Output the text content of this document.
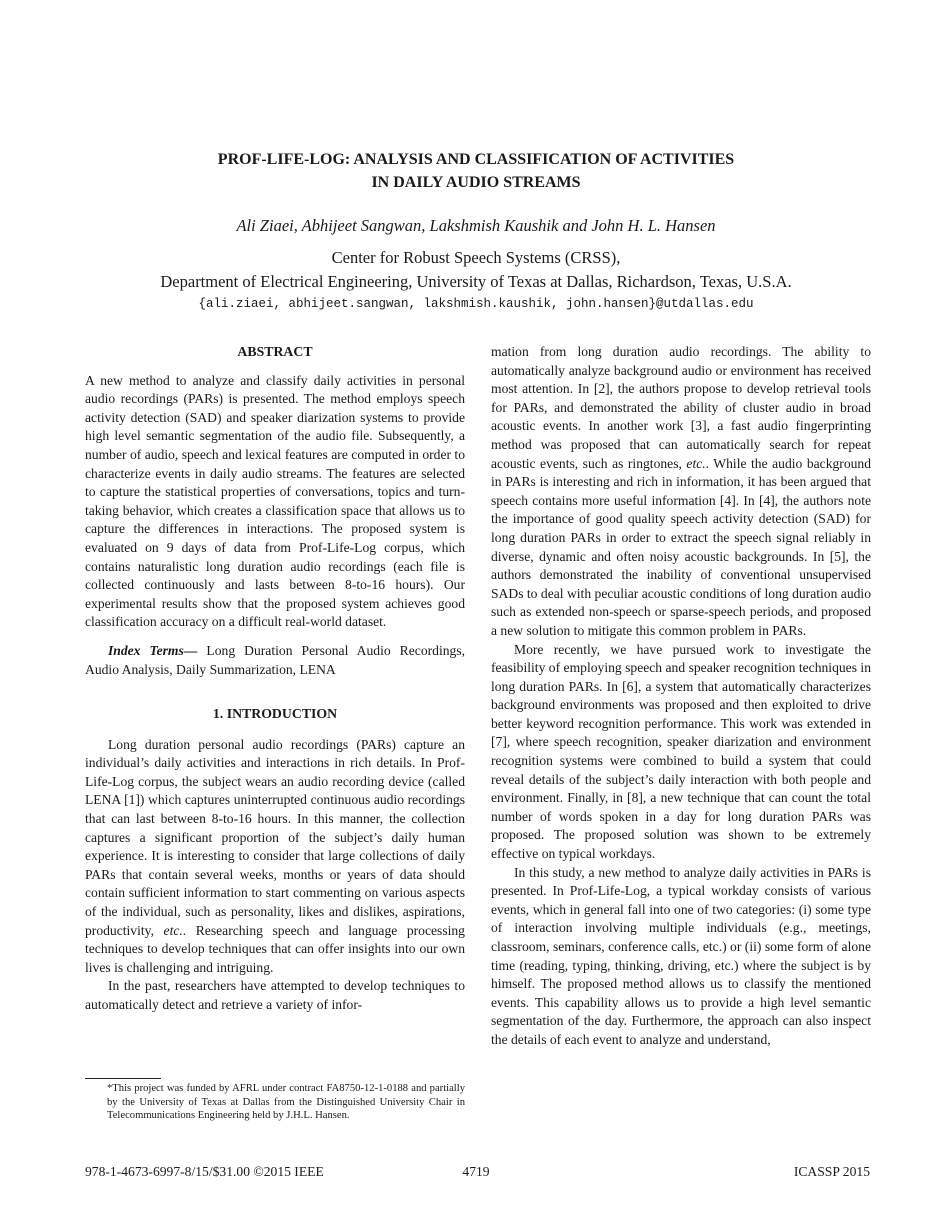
PROF-LIFE-LOG: ANALYSIS AND CLASSIFICATION OF ACTIVITIES
IN DAILY AUDIO STREAMS
Ali Ziaei, Abhijeet Sangwan, Lakshmish Kaushik and John H. L. Hansen
Center for Robust Speech Systems (CRSS),
Department of Electrical Engineering, University of Texas at Dallas, Richardson, Texas, U.S.A.
{ali.ziaei, abhijeet.sangwan, lakshmish.kaushik, john.hansen}@utdallas.edu
ABSTRACT

A new method to analyze and classify daily activities in personal audio recordings (PARs) is presented. The method employs speech activity detection (SAD) and speaker diarization systems to provide high level semantic segmentation of the audio file. Subsequently, a number of audio, speech and lexical features are computed in order to characterize events in daily audio streams. The features are selected to capture the statistical properties of conversations, topics and turn-taking behavior, which creates a classification space that allows us to capture the differences in interactions. The proposed system is evaluated on 9 days of data from Prof-Life-Log corpus, which contains naturalistic long duration audio recordings (each file is collected continuously and lasts between 8-to-16 hours). Our experimental results show that the proposed system achieves good classification accuracy on a difficult real-world dataset.

Index Terms— Long Duration Personal Audio Recordings, Audio Analysis, Daily Summarization, LENA

1. INTRODUCTION

Long duration personal audio recordings (PARs) capture an individual’s daily activities and interactions in rich details. In Prof-Life-Log corpus, the subject wears an audio recording device (called LENA [1]) which captures uninterrupted continuous audio recordings that can last between 8-to-16 hours. In this manner, the collection captures a significant proportion of the subject’s daily human experience. It is interesting to consider that large collections of daily PARs that contain several weeks, months or years of data should contain sufficient information to start commenting on various aspects of the individual, such as personality, likes and dislikes, aspirations, productivity, etc.. Researching speech and language processing techniques to develop techniques that can offer insights into our own lives is challenging and intriguing.

In the past, researchers have attempted to develop techniques to automatically detect and retrieve a variety of infor-

mation from long duration audio recordings. The ability to automatically analyze background audio or environment has received most attention. In [2], the authors propose to develop retrieval tools for PARs, and demonstrated the ability of cluster audio in broad acoustic events. In another work [3], a fast audio fingerprinting method was proposed that can automatically search for repeat acoustic events, such as ringtones, etc.. While the audio background in PARs is interesting and rich in information, it has been argued that speech contains more useful information [4]. In [4], the authors note the importance of good quality speech activity detection (SAD) for long duration PARs in order to extract the speech signal reliably in diverse, dynamic and often noisy acoustic backgrounds. In [5], the authors demonstrated the inability of conventional unsupervised SADs to deal with peculiar acoustic conditions of long duration audio such as extended non-speech or sparse-speech periods, and proposed a new solution to mitigate this common problem in PARs.

More recently, we have pursued work to investigate the feasibility of employing speech and speaker recognition techniques in long duration PARs. In [6], a system that automatically characterizes background environments was proposed and then exploited to drive better keyword recognition performance. This work was extended in [7], where speech recognition, speaker diarization and environment recognition systems were combined to build a system that could reveal details of the subject’s daily interaction with both people and environment. Finally, in [8], a new technique that can count the total number of words spoken in a day for long duration PARs was proposed. The proposed solution was shown to be extremely effective on typical workdays.

In this study, a new method to analyze daily activities in PARs is presented. In Prof-Life-Log, a typical workday consists of various events, which in general fall into one of two categories: (i) some type of interaction involving multiple individuals (e.g., meetings, classroom, seminars, conference calls, etc.) or (ii) some form of alone time (reading, typing, thinking, driving, etc.) where the subject is by himself. The proposed method allows us to classify the mentioned events. This capability allows us to provide a high level semantic segmentation of the day. Furthermore, the approach can also inspect the details of each event to analyze and understand,

*This project was funded by AFRL under contract FA8750-12-1-0188 and partially by the University of Texas at Dallas from the Distinguished University Chair in Telecommunications Engineering held by J.H.L. Hansen.
978-1-4673-6997-8/15/$31.00 ©2015 IEEE	4719	ICASSP 2015
